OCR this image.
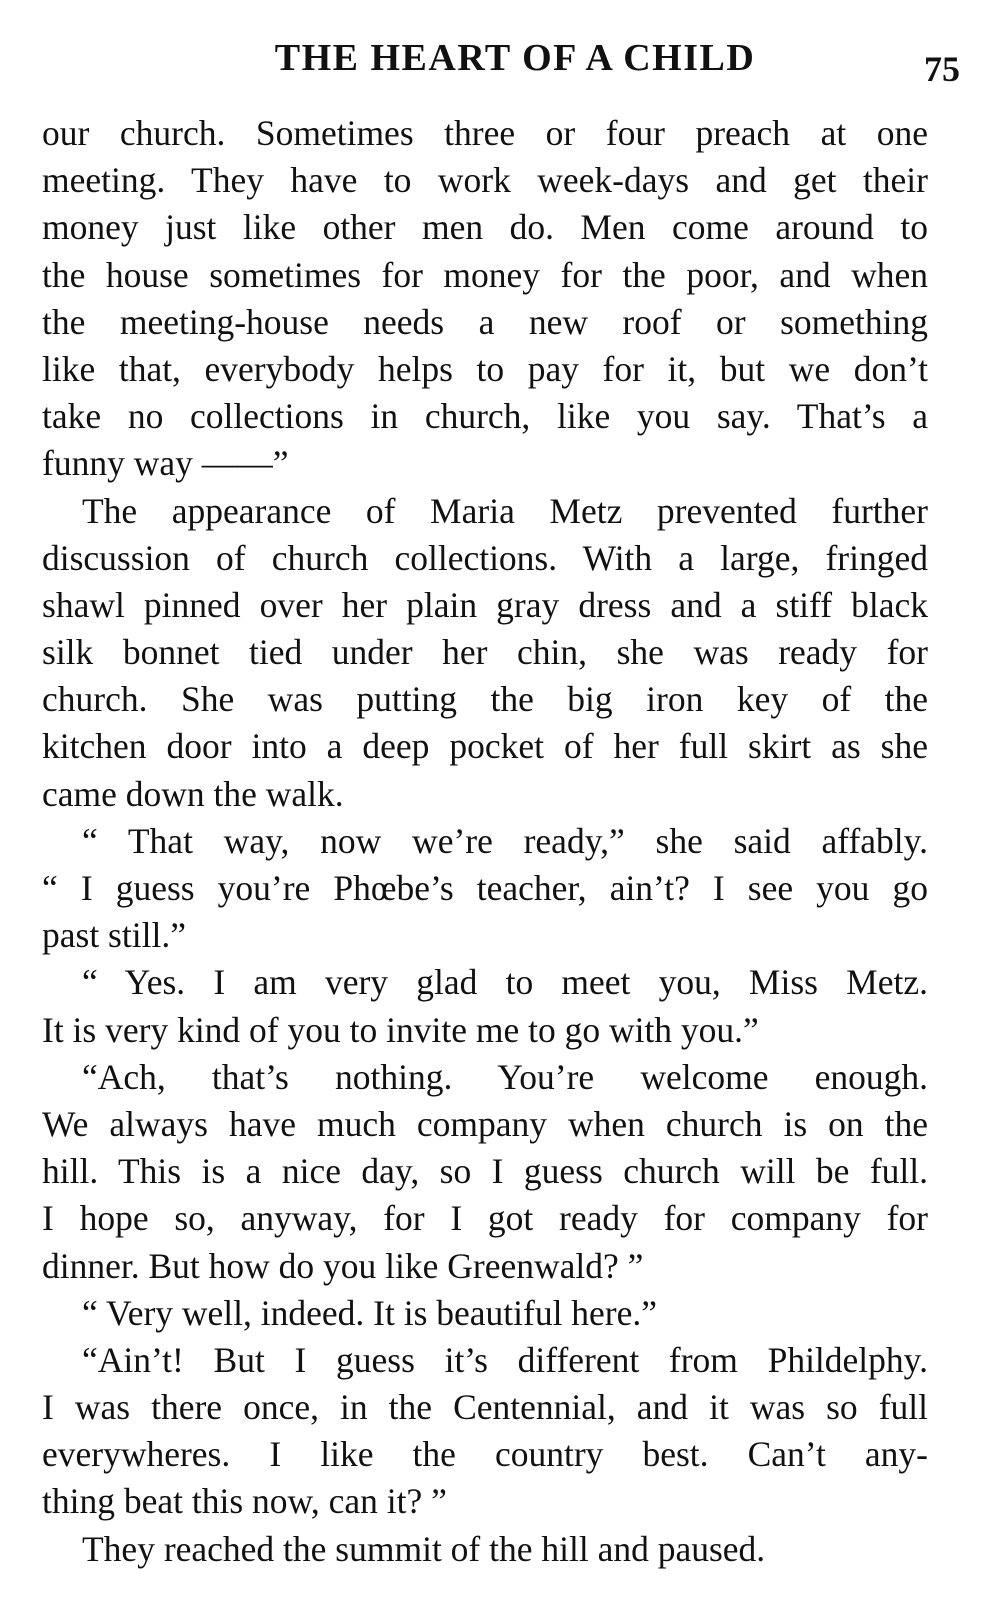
THE HEART OF A CHILD	75
our church. Sometimes three or four preach at one
meeting. They have to work week-days and get their
money just like other men do. Men come around to
the house sometimes for money for the poor, and when
the meeting-house needs a new roof or something
like that, everybody helps to pay for it, but we don’t
take no collections in church, like you say. That’s a
funny way ——”
The appearance of Maria Metz prevented further
discussion of church collections. With a large, fringed
shawl pinned over her plain gray dress and a stiff black
silk bonnet tied under her chin, she was ready for
church. She was putting the big iron key of the
kitchen door into a deep pocket of her full skirt as she
came down the walk.
“ That way, now we’re ready,” she said affably.
“ I guess you’re Phœbe’s teacher, ain’t? I see you go
past still.”
“ Yes. I am very glad to meet you, Miss Metz.
It is very kind of you to invite me to go with you.”
“Ach, that’s nothing. You’re welcome enough.
We always have much company when church is on the
hill. This is a nice day, so I guess church will be full.
I hope so, anyway, for I got ready for company for
dinner. But how do you like Greenwald? ”
“ Very well, indeed. It is beautiful here.”
“Ain’t! But I guess it’s different from Phildelphy.
I was there once, in the Centennial, and it was so full
everywheres. I like the country best. Can’t any-
thing beat this now, can it? ”
They reached the summit of the hill and paused.
